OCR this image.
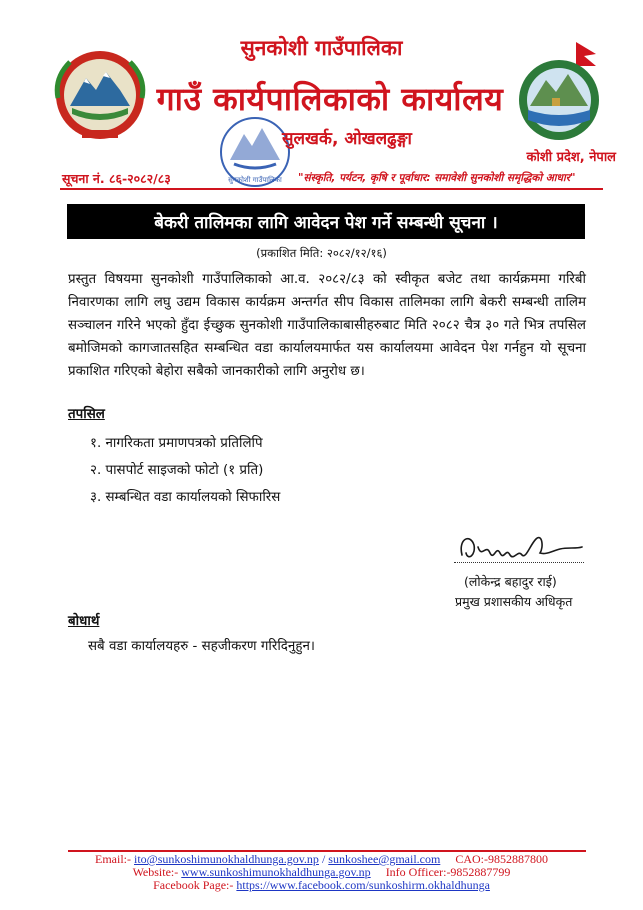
सुनकोशी गाउँपालिका
सुनकोशी गाउँपालिका
गाउँ कार्यपालिकाको कार्यालय
सुलखर्क, ओखलढुङ्गा
कोशी प्रदेश, नेपाल
सूचना नं. ८६-२०८२/८३	"संस्कृति, पर्यटन, कृषि र पूर्वाधार: समावेशी सुनकोशी समृद्धिको आधार"
बेकरी तालिमका लागि आवेदन पेश गर्ने सम्बन्धी सूचना ।
(प्रकाशित मिति: २०८२/१२/१६)
प्रस्तुत विषयमा सुनकोशी गाउँपालिकाको आ.व. २०८२/८३ को स्वीकृत बजेट तथा कार्यक्रममा गरिबी निवारणका लागि लघु उद्यम विकास कार्यक्रम अन्तर्गत सीप विकास तालिमका लागि बेकरी सम्बन्धी तालिम सञ्चालन गरिने भएको हुँदा ईच्छुक सुनकोशी गाउँपालिकाबासीहरुबाट मिति २०८२ चैत्र ३० गते भित्र तपसिल बमोजिमको कागजातसहित सम्बन्धित वडा कार्यालयमार्फत यस कार्यालयमा आवेदन पेश गर्नहुन यो सूचना प्रकाशित गरिएको बेहोरा सबैको जानकारीको लागि अनुरोध छ।
तपसिल
१. नागरिकता प्रमाणपत्रको प्रतिलिपि
२. पासपोर्ट साइजको फोटो (१ प्रति)
३. सम्बन्धित वडा कार्यालयको सिफारिस
(लोकेन्द्र बहादुर राई)
प्रमुख प्रशासकीय अधिकृत
बोधार्थ
सबै वडा कार्यालयहरु - सहजीकरण गरिदिनुहुन।
Email:- ito@sunkoshimunokhaldhunga.gov.np / sunkoshee@gmail.com CAO:-9852887800
Website:- www.sunkoshimunokhaldhunga.gov.np Info Officer:-9852887799
Facebook Page:- https://www.facebook.com/sunkoshirm.okhaldhunga
